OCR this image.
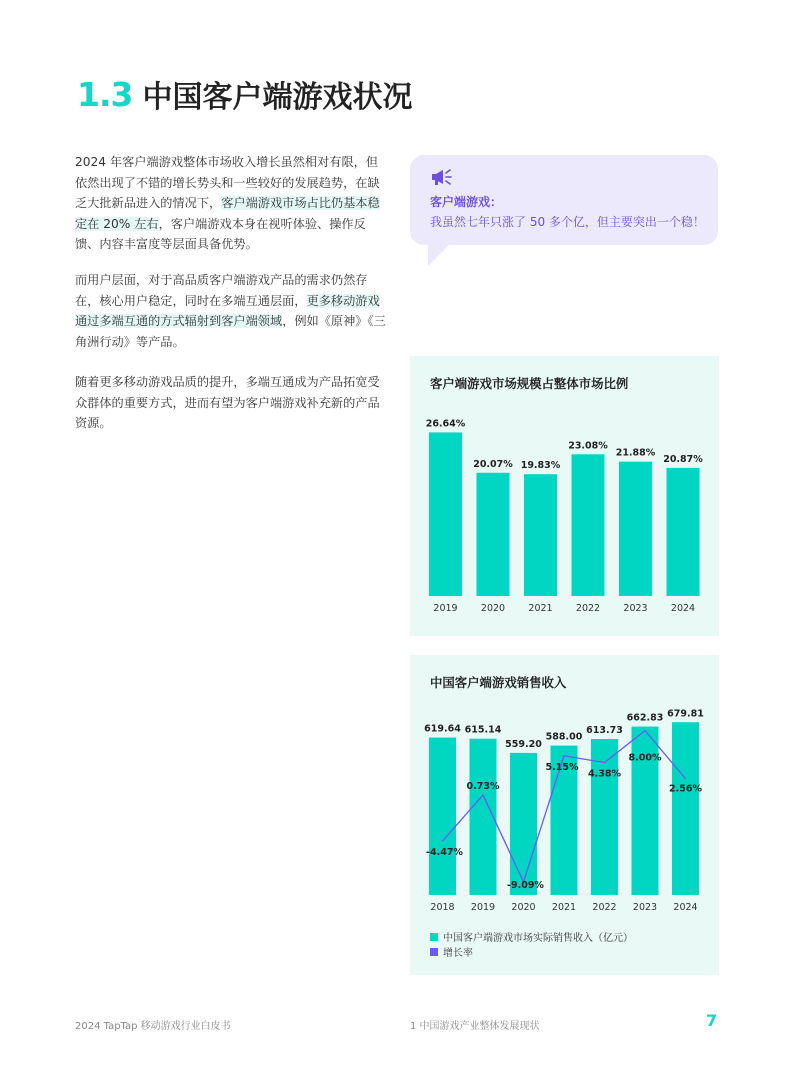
1.3 中国客户端游戏状况

2024 年客户端游戏整体市场收入增长虽然相对有限，但依然出现了不错的增长势头和一些较好的发展趋势，在缺乏大批新品进入的情况下，客户端游戏市场占比仍基本稳定在 20% 左右，客户端游戏本身在视听体验、操作反馈、内容丰富度等层面具备优势。

而用户层面，对于高品质客户端游戏产品的需求仍然存在，核心用户稳定，同时在多端互通层面，更多移动游戏通过多端互通的方式辐射到客户端领域，例如《原神》《三角洲行动》等产品。

随着更多移动游戏品质的提升，多端互通成为产品拓宽受众群体的重要方式，进而有望为客户端游戏补充新的产品资源。

客户端游戏：
我虽然七年只涨了 50 多个亿，但主要突出一个稳！
客户端游戏市场规模占整体市场比例
26.64%
2019
20.07%
2020
19.83%
2021
23.08%
2022
21.88%
2023
20.87%
2024
中国客户端游戏销售收入
619.64
2018
615.14
2019
559.20
2020
588.00
2021
613.73
2022
662.83
2023
679.81
2024
-4.47%
0.73%
-9.09%
5.15%
4.38%
8.00%
2.56%
中国客户端游戏市场实际销售收入（亿元）
增长率
2024 TapTap 移动游戏行业白皮书	1 中国游戏产业整体发展现状	7
